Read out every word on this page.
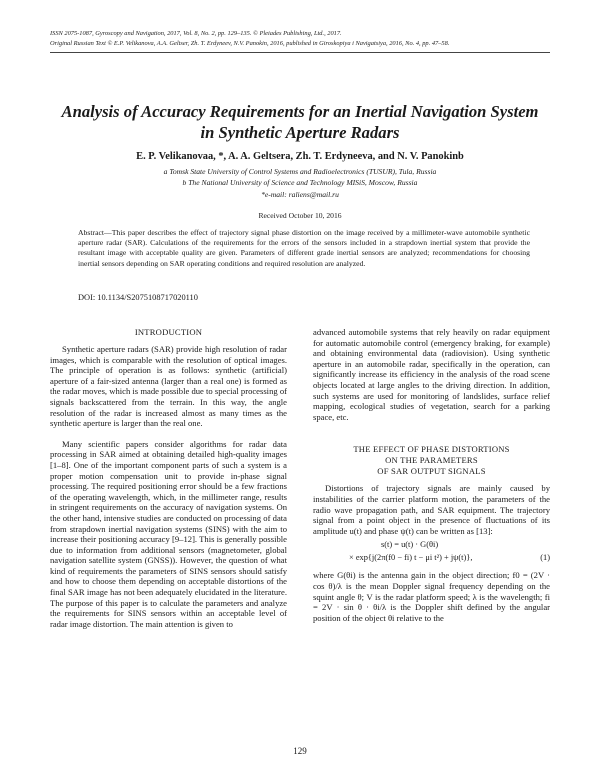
ISSN 2075-1087, Gyroscopy and Navigation, 2017, Vol. 8, No. 2, pp. 129–135. © Pleiades Publishing, Ltd., 2017.
Original Russian Text © E.P. Velikanova, A.A. Geltser, Zh. T. Erdyneev, N.V. Panokin, 2016, published in Giroskopiya i Navigatsiya, 2016, No. 4, pp. 47–58.
Analysis of Accuracy Requirements for an Inertial Navigation System
in Synthetic Aperture Radars
E. P. Velikanovaa, *, A. A. Geltsera, Zh. T. Erdyneeva, and N. V. Panokinb
a Tomsk State University of Control Systems and Radioelectronics (TUSUR), Tula, Russia
b The National University of Science and Technology MISiS, Moscow, Russia
*e-mail: raliens@mail.ru
Received October 10, 2016
Abstract—This paper describes the effect of trajectory signal phase distortion on the image received by a millimeter-wave automobile synthetic aperture radar (SAR). Calculations of the requirements for the errors of the sensors included in a strapdown inertial system that provide the resultant image with acceptable quality are given. Parameters of different grade inertial sensors are analyzed; recommendations for choosing inertial sensors depending on SAR operating conditions and required resolution are analyzed.
DOI: 10.1134/S2075108717020110
INTRODUCTION

Synthetic aperture radars (SAR) provide high resolution of radar images, which is comparable with the resolution of optical images. The principle of operation is as follows: synthetic (artificial) aperture of a fair-sized antenna (larger than a real one) is formed as the radar moves, which is made possible due to special processing of signals backscattered from the terrain. In this way, the angle resolution of the radar is increased almost as many times as the synthetic aperture is larger than the real one.

Many scientific papers consider algorithms for radar data processing in SAR aimed at obtaining detailed high-quality images [1–8]. One of the important component parts of such a system is a proper motion compensation unit to provide in-phase signal processing. The required positioning error should be a few fractions of the operating wavelength, which, in the millimeter range, results in stringent requirements on the accuracy of navigation systems. On the other hand, intensive studies are conducted on processing of data from strapdown inertial navigation systems (SINS) with the aim to increase their positioning accuracy [9–12]. This is generally possible due to information from additional sensors (magnetometer, global navigation satellite system (GNSS)). However, the question of what kind of requirements the parameters of SINS sensors should satisfy and how to choose them depending on acceptable distortions of the final SAR image has not been adequately elucidated in the literature. The purpose of this paper is to calculate the parameters and analyze the requirements for SINS sensors within an acceptable level of radar image distortion. The main attention is given to

advanced automobile systems that rely heavily on radar equipment for automatic automobile control (emergency braking, for example) and obtaining environmental data (radiovision). Using synthetic aperture in an automobile radar, specifically in the operation, can significantly increase its efficiency in the analysis of the road scene objects located at large angles to the driving direction. In addition, such systems are used for monitoring of landslides, surface relief mapping, ecological studies of vegetation, search for a parking space, etc.

THE EFFECT OF PHASE DISTORTIONS
ON THE PARAMETERS
OF SAR OUTPUT SIGNALS

Distortions of trajectory signals are mainly caused by instabilities of the carrier platform motion, the parameters of the radio wave propagation path, and SAR equipment. The trajectory signal from a point object in the presence of fluctuations of its amplitude u(t) and phase ψ(t) can be written as [13]:

s(t) = u(t) · G(θi)
× exp{j(2π(f0 − fi) t − μi t²) + jψ(t)},	(1)

where G(θi) is the antenna gain in the object direction; f0 = (2V · cos θ)/λ is the mean Doppler signal frequency depending on the squint angle θ; V is the radar platform speed; λ is the wavelength; fi = 2V · sin θ · θi/λ is the Doppler shift defined by the angular position of the object θi relative to the

129
